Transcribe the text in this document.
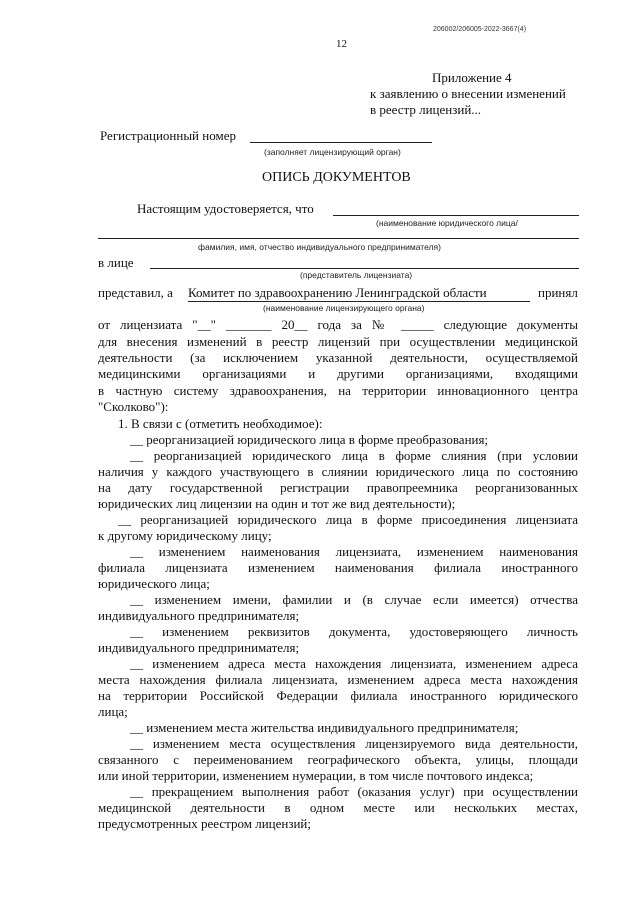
206002/206005-2022-3667(4)
12
Приложение 4
к заявлению о внесении изменений
в реестр лицензий...
Регистрационный номер
(заполняет лицензирующий орган)
ОПИСЬ ДОКУМЕНТОВ
Настоящим удостоверяется, что
(наименование юридического лица/
фамилия, имя, отчество индивидуального предпринимателя)
в лице
(представитель лицензиата)
представил, а Комитет по здравоохранению Ленинградской области	принял
(наименование лицензирующего органа)
от лицензиата "__" _______ 20__ года за № _____ следующие документы
для внесения изменений в реестр лицензий при осуществлении медицинской
деятельности (за исключением указанной деятельности, осуществляемой
медицинскими организациями и другими организациями, входящими
в частную систему здравоохранения, на территории инновационного центра
"Сколково"):
1. В связи с (отметить необходимое):
__ реорганизацией юридического лица в форме преобразования;
__ реорганизацией юридического лица в форме слияния (при условии
наличия у каждого участвующего в слиянии юридического лица по состоянию
на дату государственной регистрации правопреемника реорганизованных
юридических лиц лицензии на один и тот же вид деятельности);
__ реорганизацией юридического лица в форме присоединения лицензиата
к другому юридическому лицу;
__ изменением наименования лицензиата, изменением наименования
филиала лицензиата изменением наименования филиала иностранного
юридического лица;
__ изменением имени, фамилии и (в случае если имеется) отчества
индивидуального предпринимателя;
__ изменением реквизитов документа, удостоверяющего личность
индивидуального предпринимателя;
__ изменением адреса места нахождения лицензиата, изменением адреса
места нахождения филиала лицензиата, изменением адреса места нахождения
на территории Российской Федерации филиала иностранного юридического
лица;
__ изменением места жительства индивидуального предпринимателя;
__ изменением места осуществления лицензируемого вида деятельности,
связанного с переименованием географического объекта, улицы, площади
или иной территории, изменением нумерации, в том числе почтового индекса;
__ прекращением выполнения работ (оказания услуг) при осуществлении
медицинской деятельности в одном месте или нескольких местах,
предусмотренных реестром лицензий;
